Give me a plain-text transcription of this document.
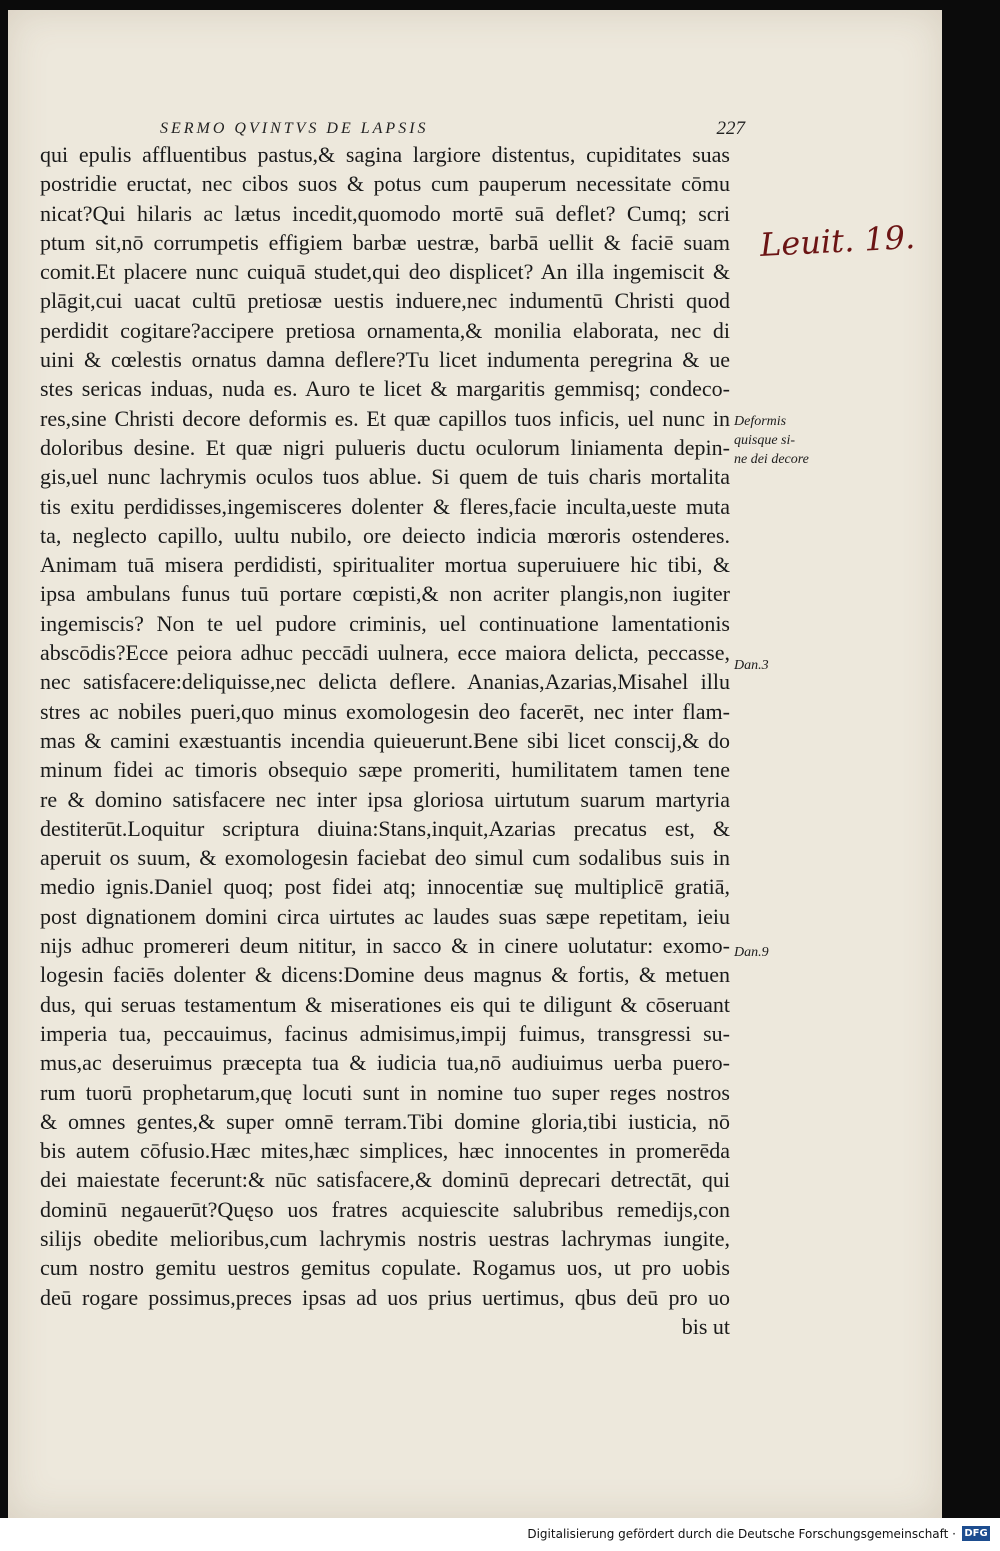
SERMO QVINTVS DE LAPSIS	227
qui epulis affluentibus pastus,& sagina largiore distentus, cupiditates suas
postridie eructat, nec cibos suos & potus cum pauperum necessitate cōmu
nicat?Qui hilaris ac lætus incedit,quomodo mortē suā deflet? Cumq; scri
ptum sit,nō corrumpetis effigiem barbæ uestræ, barbā uellit & faciē suam
comit.Et placere nunc cuiquā studet,qui deo displicet? An illa ingemiscit &
plāgit,cui uacat cultū pretiosæ uestis induere,nec indumentū Christi quod
perdidit cogitare?accipere pretiosa ornamenta,& monilia elaborata, nec di
uini & cœlestis ornatus damna deflere?Tu licet indumenta peregrina & ue
stes sericas induas, nuda es. Auro te licet & margaritis gemmisq; condeco-
res,sine Christi decore deformis es. Et quæ capillos tuos inficis, uel nunc in
doloribus desine. Et quæ nigri pulueris ductu oculorum liniamenta depin-
gis,uel nunc lachrymis oculos tuos ablue. Si quem de tuis charis mortalita
tis exitu perdidisses,ingemisceres dolenter & fleres,facie inculta,ueste muta
ta, neglecto capillo, uultu nubilo, ore deiecto indicia mœroris ostenderes.
Animam tuā misera perdidisti, spiritualiter mortua superuiuere hic tibi, &
ipsa ambulans funus tuū portare cœpisti,& non acriter plangis,non iugiter
ingemiscis? Non te uel pudore criminis, uel continuatione lamentationis
abscōdis?Ecce peiora adhuc peccādi uulnera, ecce maiora delicta, peccasse,
nec satisfacere:deliquisse,nec delicta deflere. Ananias,Azarias,Misahel illu
stres ac nobiles pueri,quo minus exomologesin deo facerēt, nec inter flam-
mas & camini exæstuantis incendia quieuerunt.Bene sibi licet conscij,& do
minum fidei ac timoris obsequio sæpe promeriti, humilitatem tamen tene
re & domino satisfacere nec inter ipsa gloriosa uirtutum suarum martyria
destiterūt.Loquitur scriptura diuina:Stans,inquit,Azarias precatus est, &
aperuit os suum, & exomologesin faciebat deo simul cum sodalibus suis in
medio ignis.Daniel quoq; post fidei atq; innocentiæ suę multiplicē gratiā,
post dignationem domini circa uirtutes ac laudes suas sæpe repetitam, ieiu
nijs adhuc promereri deum nititur, in sacco & in cinere uolutatur: exomo-
logesin faciēs dolenter & dicens:Domine deus magnus & fortis, & metuen
dus, qui seruas testamentum & miserationes eis qui te diligunt & cōseruant
imperia tua, peccauimus, facinus admisimus,impij fuimus, transgressi su-
mus,ac deseruimus præcepta tua & iudicia tua,nō audiuimus uerba puero-
rum tuorū prophetarum,quę locuti sunt in nomine tuo super reges nostros
& omnes gentes,& super omnē terram.Tibi domine gloria,tibi iusticia, nō
bis autem cōfusio.Hæc mites,hæc simplices, hæc innocentes in promerēda
dei maiestate fecerunt:& nūc satisfacere,& dominū deprecari detrectāt, qui
dominū negauerūt?Quęso uos fratres acquiescite salubribus remedijs,con
silijs obedite melioribus,cum lachrymis nostris uestras lachrymas iungite,
cum nostro gemitu uestros gemitus copulate. Rogamus uos, ut pro uobis
deū rogare possimus,preces ipsas ad uos prius uertimus, qbus deū pro uo
bis ut
Leuit. 19.
Deformis
quisque si-
ne dei decore
Dan.3
Dan.9
Digitalisierung gefördert durch die Deutsche Forschungsgemeinschaft · DFG
